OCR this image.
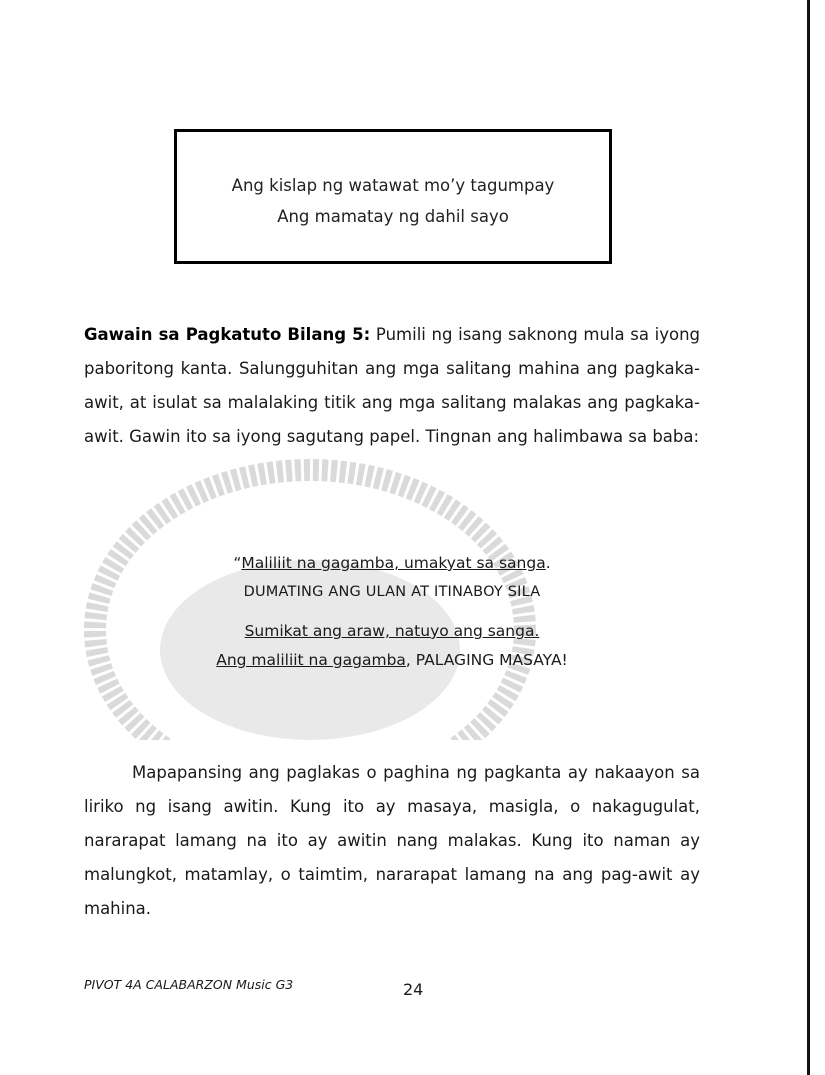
Ang kislap ng watawat mo’y tagumpay
Ang mamatay ng dahil sayo
Gawain sa Pagkatuto Bilang 5: Pumili ng isang saknong mula sa iyong paboritong kanta. Salungguhitan ang mga salitang mahina ang pagkaka-awit, at isulat sa malalaking titik ang mga salitang malakas ang pagkaka-awit. Gawin ito sa iyong sagutang papel. Tingnan ang halimbawa sa baba:
“Maliliit na gagamba, umakyat sa sanga.
DUMATING ANG ULAN AT ITINABOY SILA
Sumikat ang araw, natuyo ang sanga.
Ang maliliit na gagamba, PALAGING MASAYA!
Mapapansing ang paglakas o paghina ng pagkanta ay nakaayon sa liriko ng isang awitin. Kung ito ay masaya, masigla, o nakagugulat, nararapat lamang na ito ay awitin nang malakas. Kung ito naman ay malungkot, matamlay, o taimtim, nararapat lamang na ang pag-awit ay mahina.
PIVOT 4A CALABARZON Music G3	24
